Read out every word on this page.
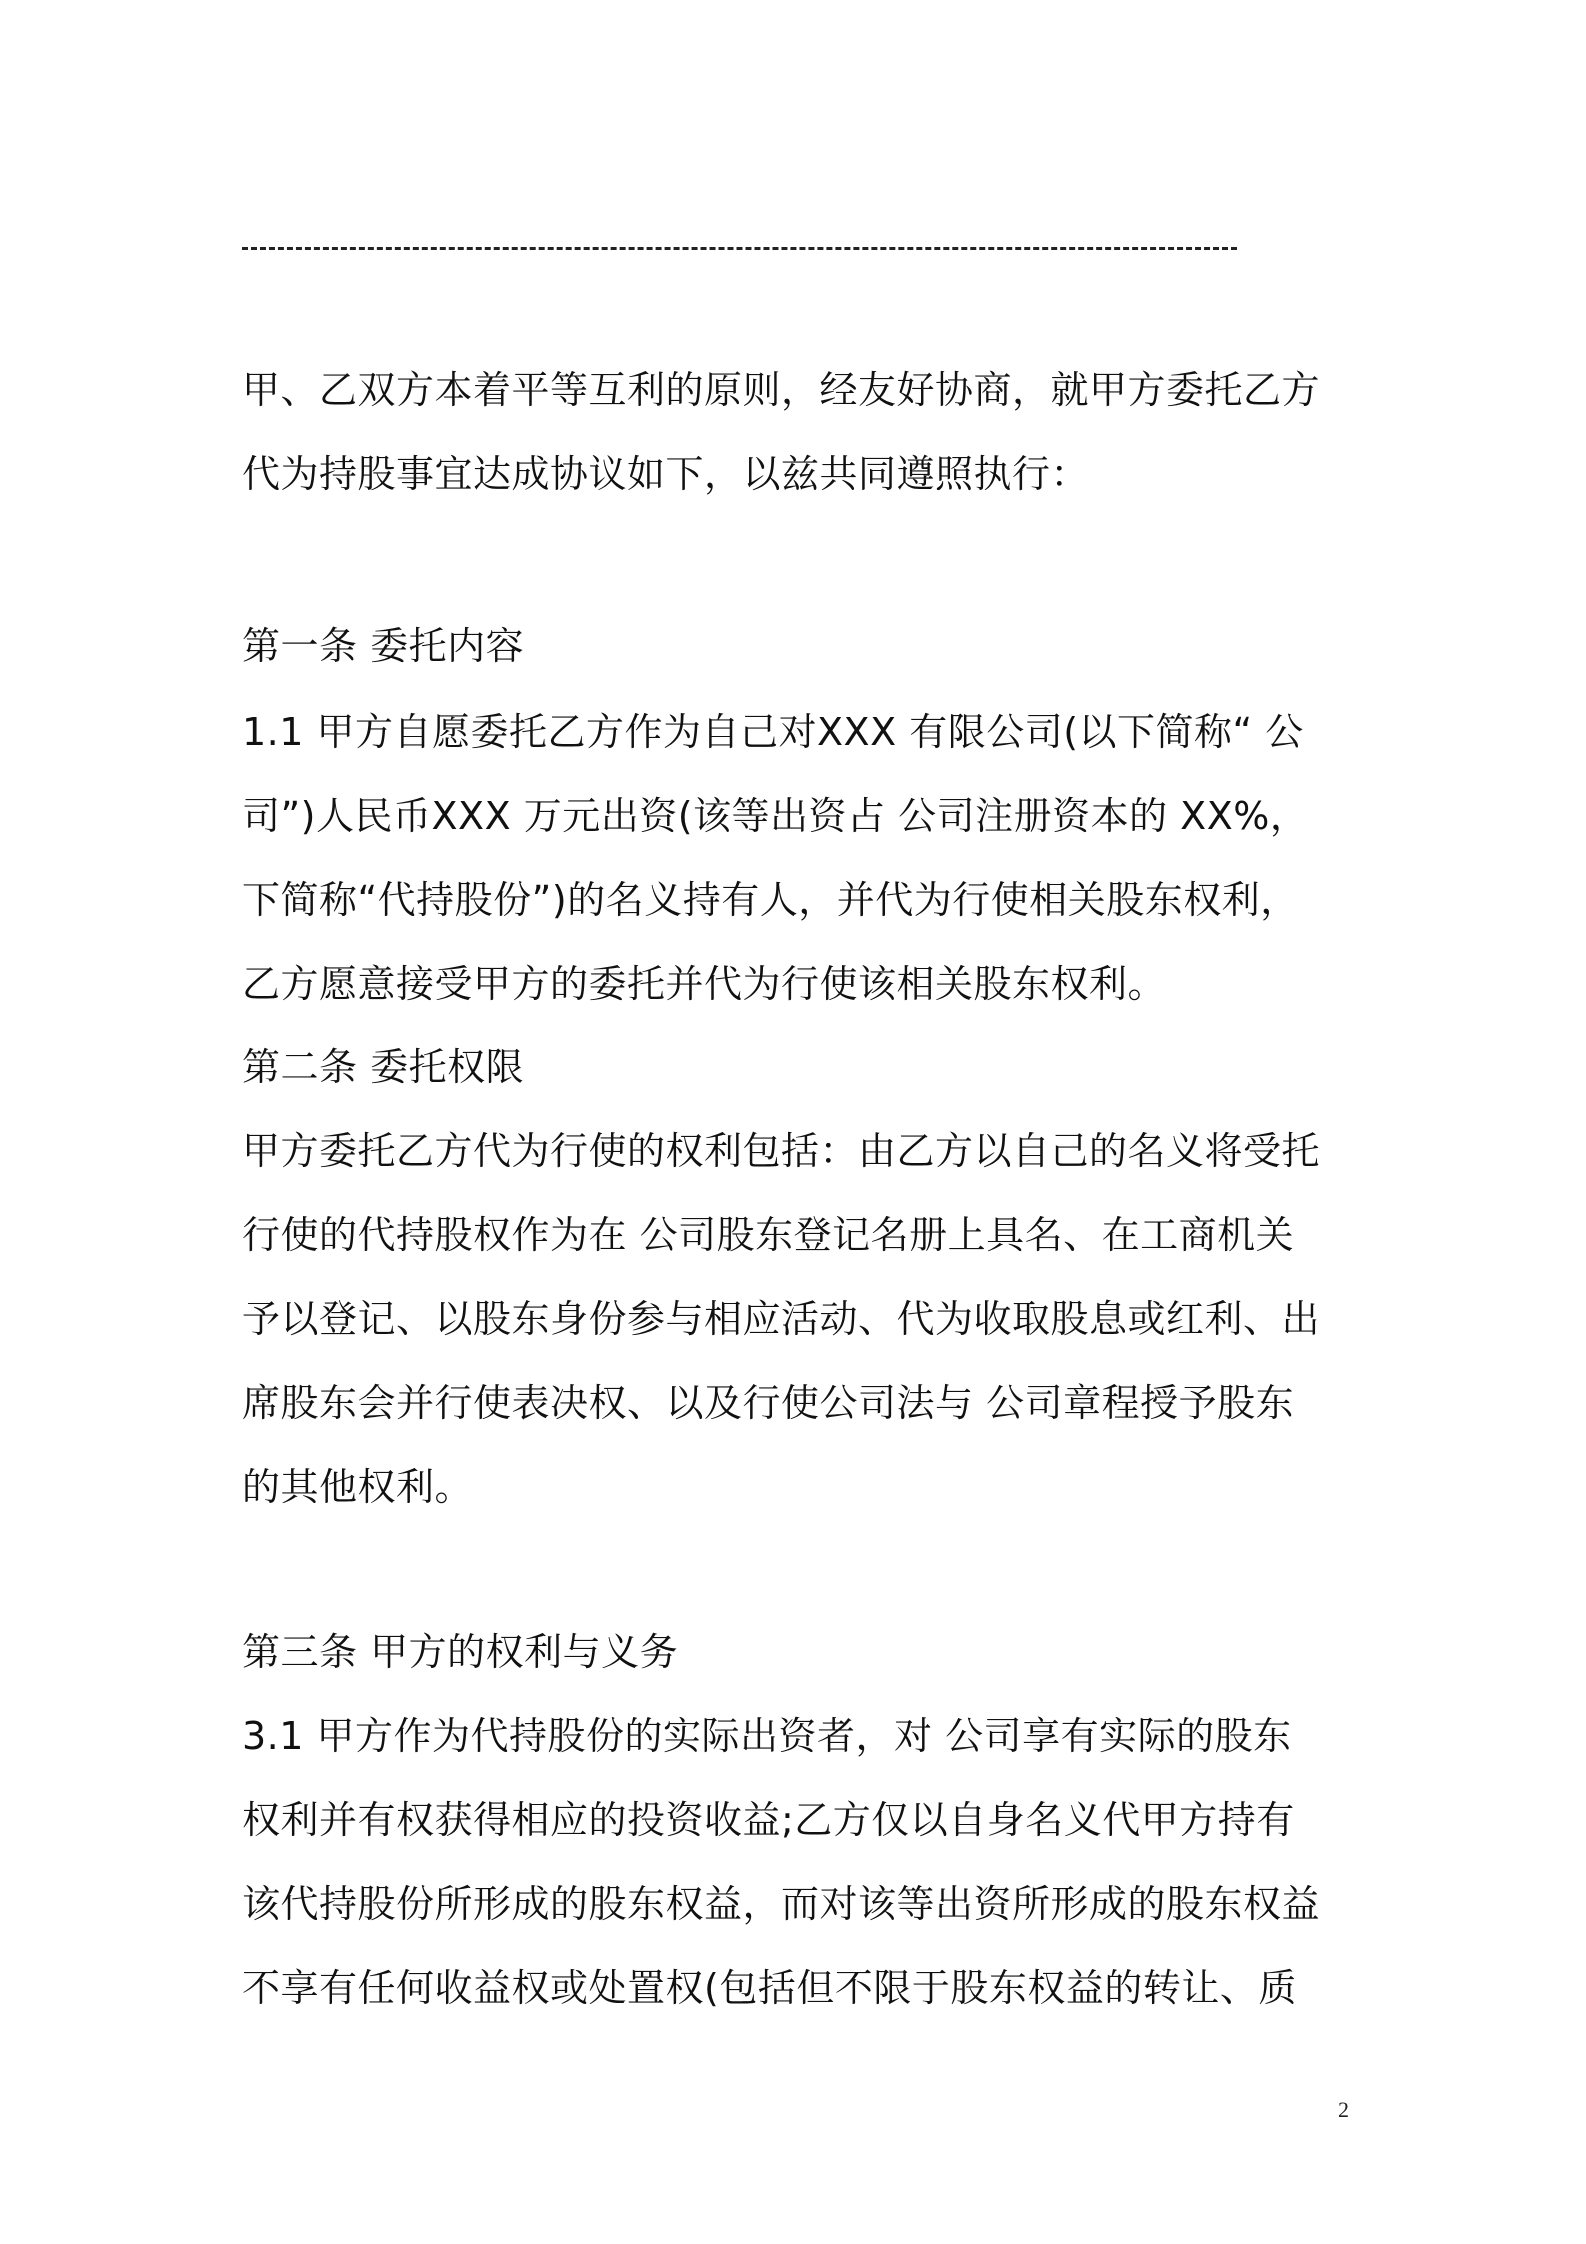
甲、乙双方本着平等互利的原则，经友好协商，就甲方委托乙方
代为持股事宜达成协议如下，以兹共同遵照执行：
第一条 委托内容
1.1 甲方自愿委托乙方作为自己对XXX 有限公司(以下简称“ 公
司”)人民币XXX 万元出资(该等出资占 公司注册资本的 XX%，
下简称“代持股份”)的名义持有人，并代为行使相关股东权利，
乙方愿意接受甲方的委托并代为行使该相关股东权利。
第二条 委托权限
甲方委托乙方代为行使的权利包括：由乙方以自己的名义将受托
行使的代持股权作为在 公司股东登记名册上具名、在工商机关
予以登记、以股东身份参与相应活动、代为收取股息或红利、出
席股东会并行使表决权、以及行使公司法与 公司章程授予股东
的其他权利。
第三条 甲方的权利与义务
3.1 甲方作为代持股份的实际出资者，对 公司享有实际的股东
权利并有权获得相应的投资收益;乙方仅以自身名义代甲方持有
该代持股份所形成的股东权益，而对该等出资所形成的股东权益
不享有任何收益权或处置权(包括但不限于股东权益的转让、质
2
